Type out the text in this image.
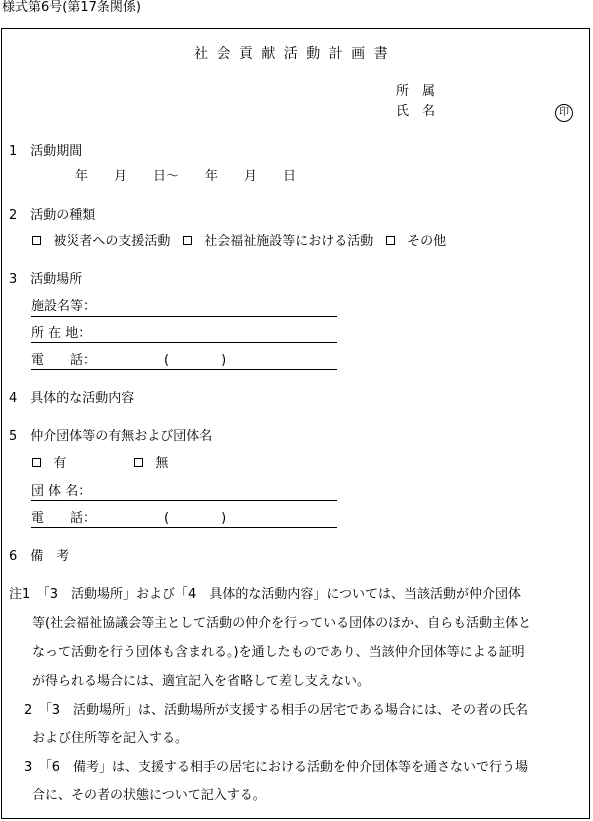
様式第6号(第17条関係)
社 会 貢 献 活 動 計 画 書
所　属
氏　名	印
1　活動期間
年　　月　　日〜　　年　　月　　日
2　活動の種類
被災者への支援活動	社会福祉施設等における活動	その他
3　活動場所
施設名等：
所 在 地：
電　　話：	(　　　　)
4　具体的な活動内容
5　仲介団体等の有無および団体名
有	無
団 体 名：
電　　話：	(　　　　)
6　備　考
注1　「3　活動場所」および「4　具体的な活動内容」については、当該活動が仲介団体
等(社会福祉協議会等主として活動の仲介を行っている団体のほか、自らも活動主体と
なって活動を行う団体も含まれる。)を通したものであり、当該仲介団体等による証明
が得られる場合には、適宜記入を省略して差し支えない。
2　「3　活動場所」は、活動場所が支援する相手の居宅である場合には、その者の氏名
および住所等を記入する。
3　「6　備考」は、支援する相手の居宅における活動を仲介団体等を通さないで行う場
合に、その者の状態について記入する。
